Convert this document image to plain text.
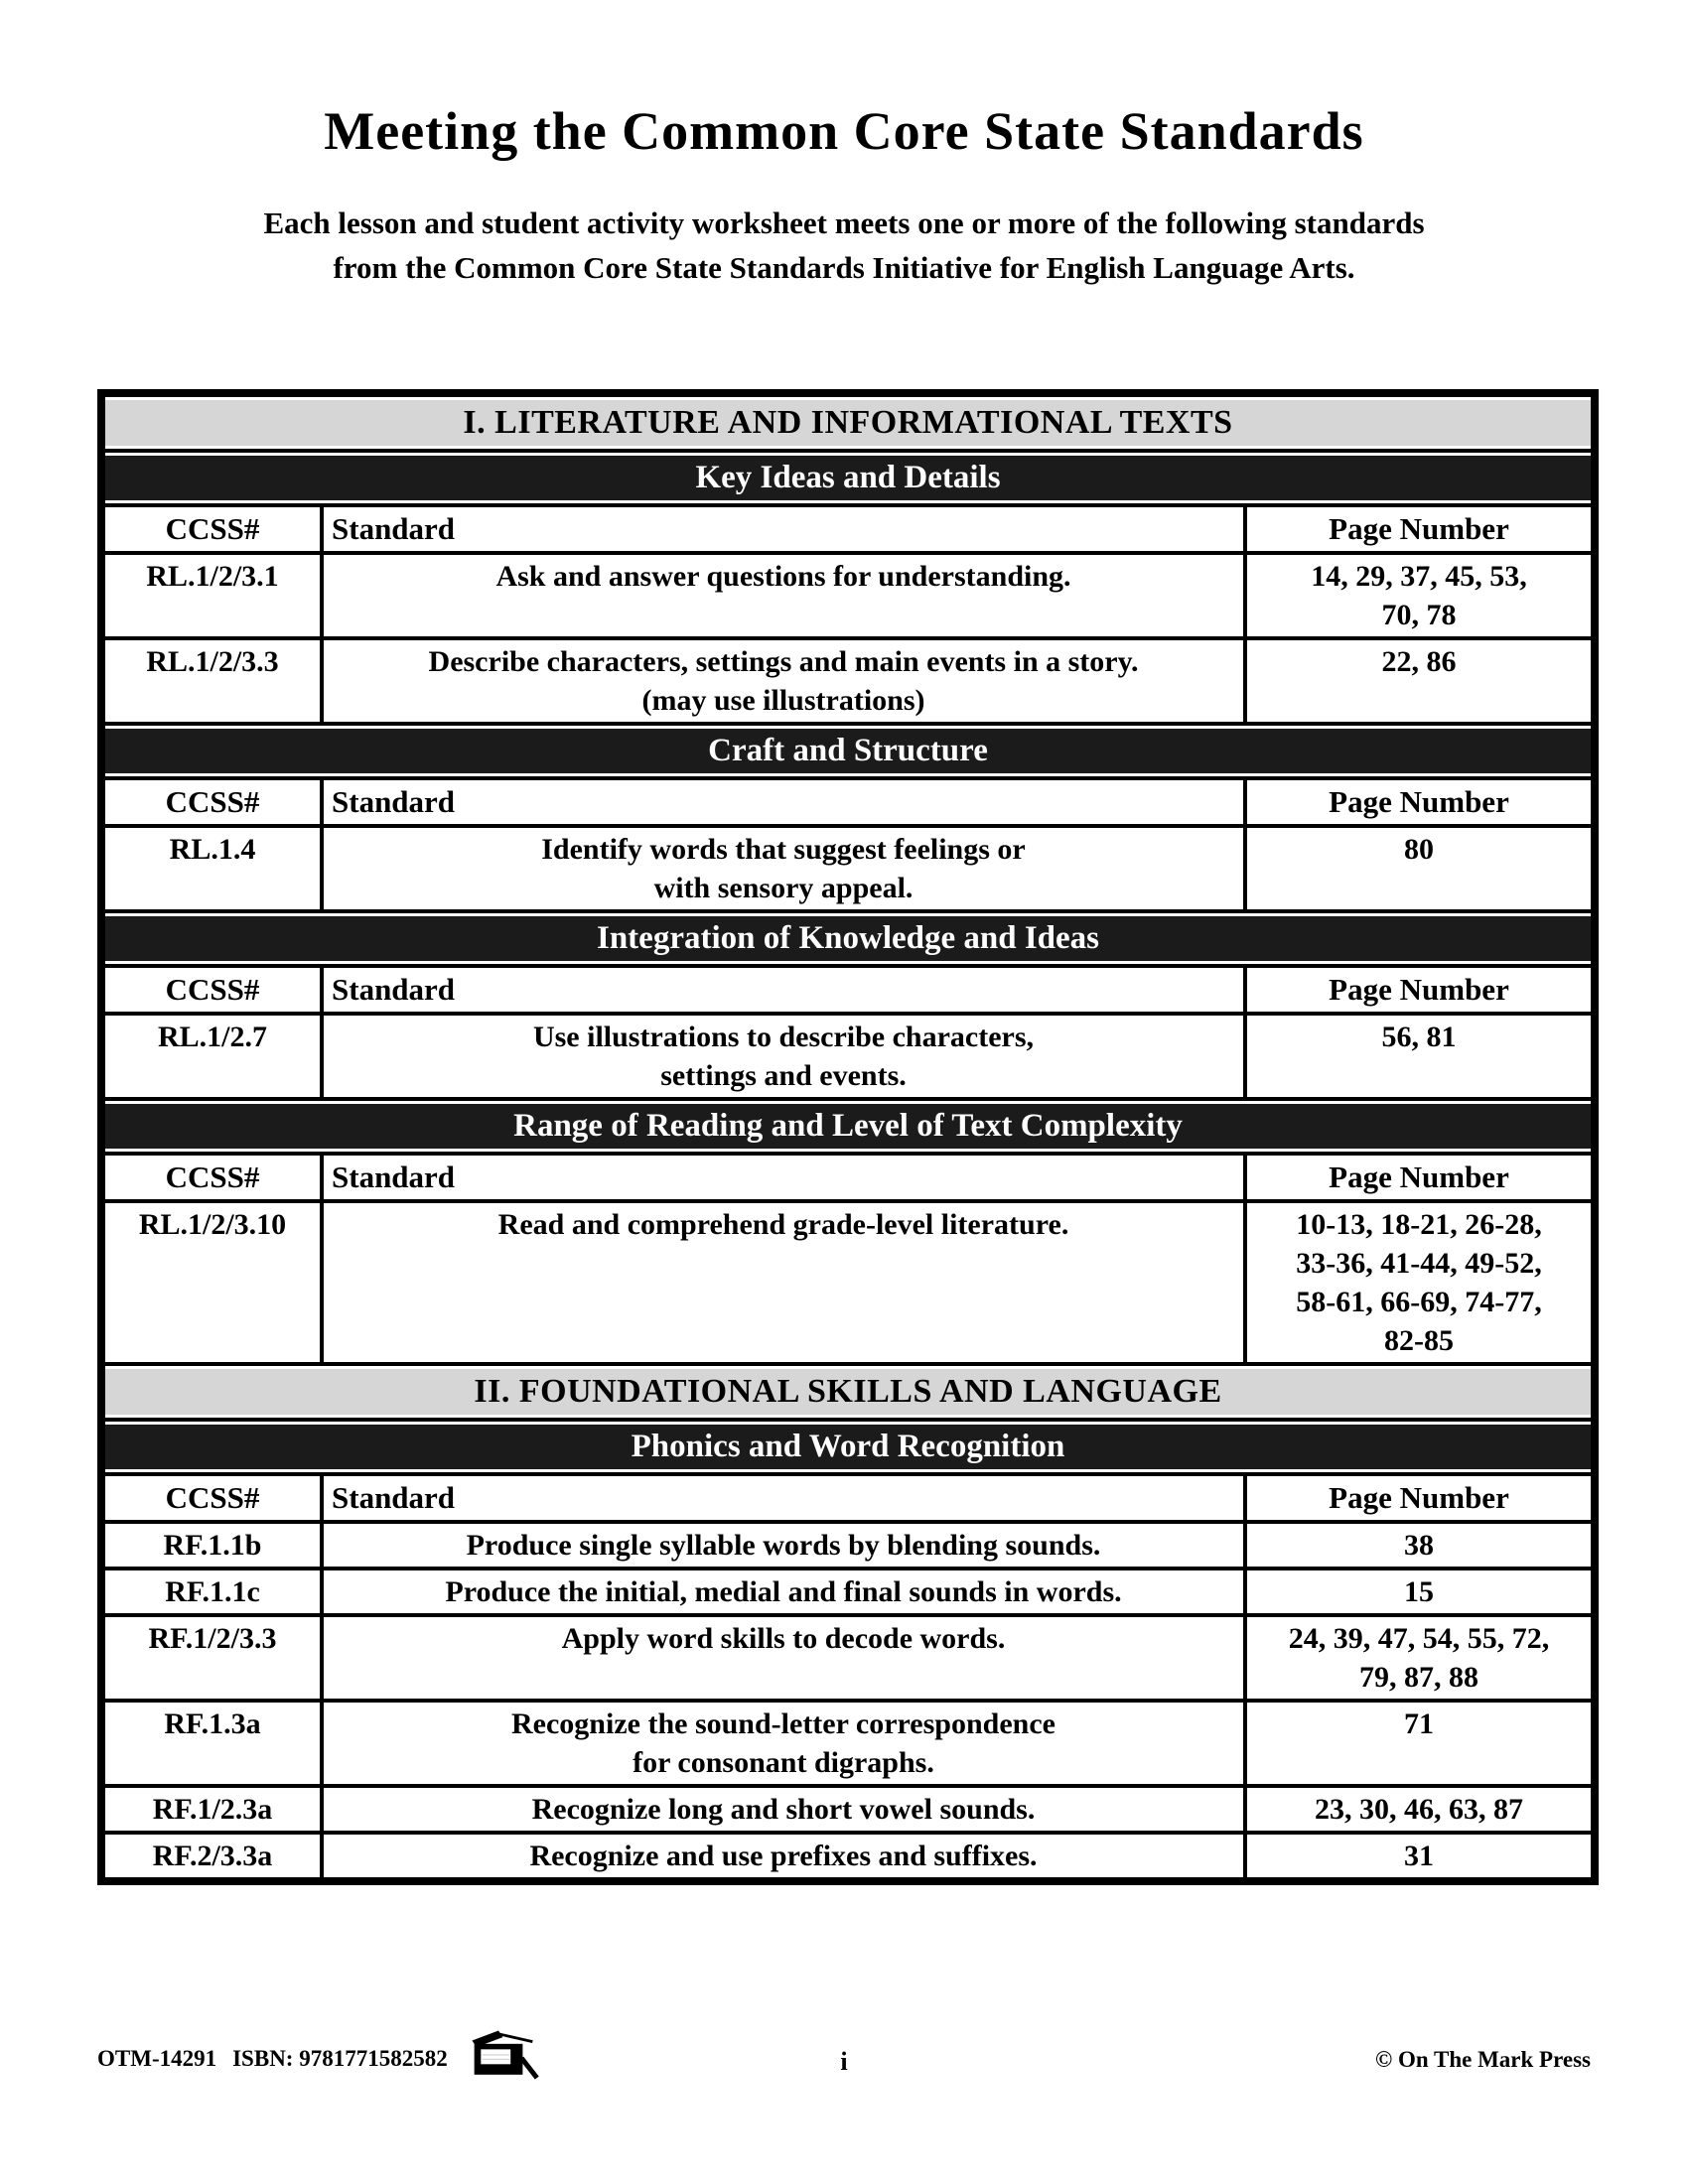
Meeting the Common Core State Standards
Each lesson and student activity worksheet meets one or more of the following standards
from the Common Core State Standards Initiative for English Language Arts.
I. LITERATURE AND INFORMATIONAL TEXTS		

Key Ideas and Details		

CCSS#	Standard	Page Number
RL.1/2/3.1	Ask and answer questions for understanding.	14, 29, 37, 45, 53,
70, 78

RL.1/2/3.3	Describe characters, settings and main events in a story.
(may use illustrations)	22, 86

Craft and Structure		

CCSS#	Standard	Page Number
RL.1.4	Identify words that suggest feelings or
with sensory appeal.	80

Integration of Knowledge and Ideas		

CCSS#	Standard	Page Number
RL.1/2.7	Use illustrations to describe characters,
settings and events.	56, 81

Range of Reading and Level of Text Complexity		

CCSS#	Standard	Page Number
RL.1/2/3.10	Read and comprehend grade-level literature.	10-13, 18-21, 26-28,
33-36, 41-44, 49-52,
58-61, 66-69, 74-77,
82-85

II. FOUNDATIONAL SKILLS AND LANGUAGE		

Phonics and Word Recognition		

CCSS#	Standard	Page Number
RF.1.1b	Produce single syllable words by blending sounds.	38

RF.1.1c	Produce the initial, medial and final sounds in words.	15

RF.1/2/3.3	Apply word skills to decode words.	24, 39, 47, 54, 55, 72,
79, 87, 88

RF.1.3a	Recognize the sound-letter correspondence
for consonant digraphs.	71

RF.1/2.3a	Recognize long and short vowel sounds.	23, 30, 46, 63, 87

RF.2/3.3a	Recognize and use prefixes and suffixes.	31
OTM-14291 ISBN: 9781771582582	i	© On The Mark Press
